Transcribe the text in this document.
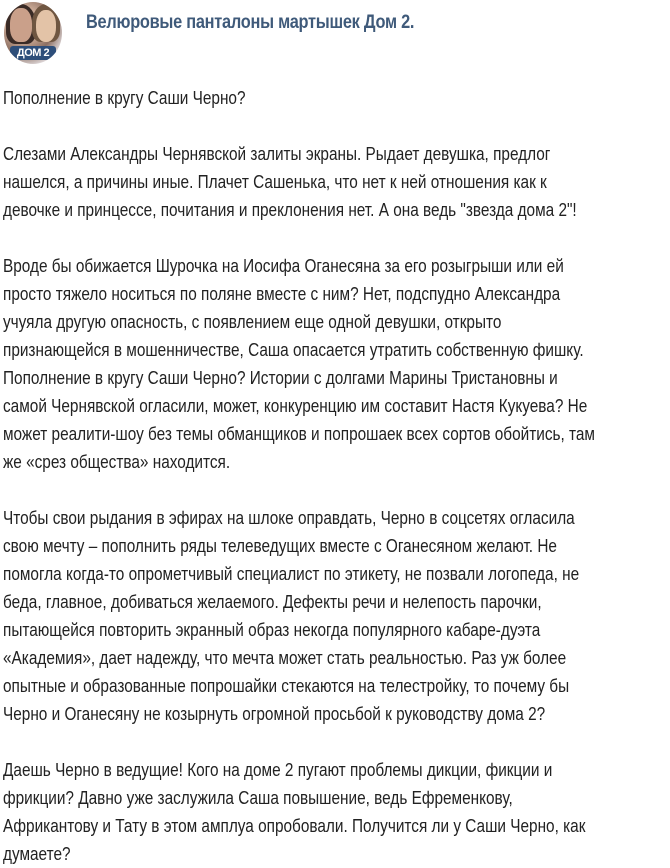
ДОМ 2
Велюровые панталоны мартышек Дом 2.
Пополнение в кругу Саши Черно?
Слезами Александры Чернявской залиты экраны. Рыдает девушка, предлог
нашелся, а причины иные. Плачет Сашенька, что нет к ней отношения как к
девочке и принцессе, почитания и преклонения нет. А она ведь "звезда дома 2"!
Вроде бы обижается Шурочка на Иосифа Оганесяна за его розыгрыши или ей
просто тяжело носиться по поляне вместе с ним? Нет, подспудно Александра
учуяла другую опасность, с появлением еще одной девушки, открыто
признающейся в мошенничестве, Саша опасается утратить собственную фишку.
Пополнение в кругу Саши Черно? Истории с долгами Марины Тристановны и
самой Чернявской огласили, может, конкуренцию им составит Настя Кукуева? Не
может реалити-шоу без темы обманщиков и попрошаек всех сортов обойтись, там
же «срез общества» находится.
Чтобы свои рыдания в эфирах на шлоке оправдать, Черно в соцсетях огласила
свою мечту – пополнить ряды телеведущих вместе с Оганесяном желают. Не
помогла когда-то опрометчивый специалист по этикету, не позвали логопеда, не
беда, главное, добиваться желаемого. Дефекты речи и нелепость парочки,
пытающейся повторить экранный образ некогда популярного кабаре-дуэта
«Академия», дает надежду, что мечта может стать реальностью. Раз уж более
опытные и образованные попрошайки стекаются на телестройку, то почему бы
Черно и Оганесяну не козырнуть огромной просьбой к руководству дома 2?
Даешь Черно в ведущие! Кого на доме 2 пугают проблемы дикции, фикции и
фрикции? Давно уже заслужила Саша повышение, ведь Ефременкову,
Африкантову и Тату в этом амплуа опробовали. Получится ли у Саши Черно, как
думаете?
